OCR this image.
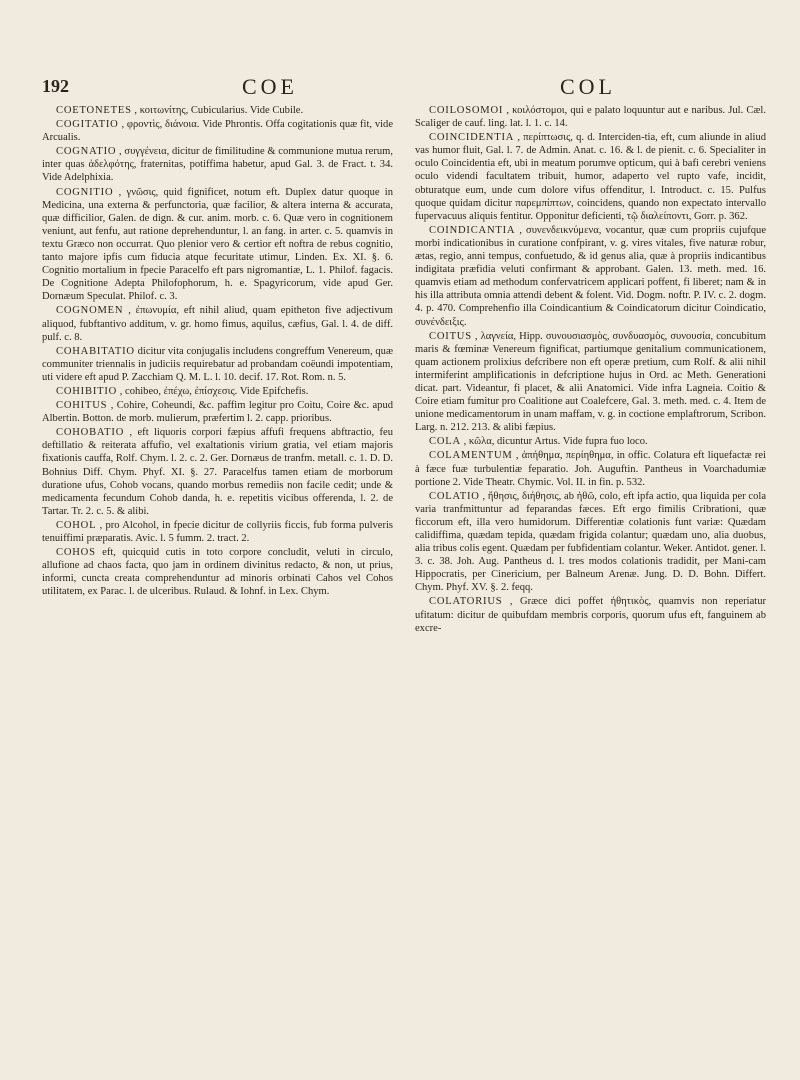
192	COE	COL

COETONETES , κοιτωνίτης, Cubicularius. Vide Cubile.

COGITATIO , φροντὶς, διάνοια. Vide Phrontis. Offa cogitationis quæ fit, vide Arcualis.

COGNATIO , συγγένεια, dicitur de fimilitudine & communione mutua rerum, inter quas ἀδελφότης, fraternitas, potiffima habetur, apud Gal. 3. de Fract. t. 34. Vide Adelphixia.

COGNITIO , γνῶσις, quid fignificet, notum eft. Duplex datur quoque in Medicina, una externa & perfunctoria, quæ facilior, & altera interna & accurata, quæ difficilior, Galen. de dign. & cur. anim. morb. c. 6. Quæ vero in cognitionem veniunt, aut fenfu, aut ratione deprehenduntur, l. an fang. in arter. c. 5. quamvis in textu Græco non occurrat. Quo plenior vero & certior eft noftra de rebus cognitio, tanto majore ipfis cum fiducia atque fecuritate utimur, Linden. Ex. XI. §. 6. Cognitio mortalium in fpecie Paracelfo eft pars nigromantiæ, L. 1. Philof. fagacis. De Cognitione Adepta Philofophorum, h. e. Spagyricorum, vide apud Ger. Dornæum Speculat. Philof. c. 3.

COGNOMEN , ἐπωνυμία, eft nihil aliud, quam epitheton five adjectivum aliquod, fubftantivo additum, v. gr. homo fimus, aquilus, cæfius, Gal. l. 4. de diff. pulf. c. 8.

COHABITATIO dicitur vita conjugalis includens congreffum Venereum, quæ communiter triennalis in judiciis requirebatur ad probandam coëundi impotentiam, uti videre eft apud P. Zacchiam Q. M. L. l. 10. decif. 17. Rot. Rom. n. 5.

COHIBITIO , cohibeo, ἐπέχω, ἐπίσχεσις. Vide Epifchefis.

COHITUS , Cohire, Coheundi, &c. paffim legitur pro Coitu, Coire &c. apud Albertin. Botton. de morb. mulierum, præfertim l. 2. capp. prioribus.

COHOBATIO , eft liquoris corpori fæpius affufi frequens abftractio, feu deftillatio & reiterata affufio, vel exaltationis virium gratia, vel etiam majoris fixationis cauffa, Rolf. Chym. l. 2. c. 2. Ger. Dornæus de tranfm. metall. c. 1. D. D. Bohnius Diff. Chym. Phyf. XI. §. 27. Paracelfus tamen etiam de morborum duratione ufus, Cohob vocans, quando morbus remediis non facile cedit; unde & medicamenta fecundum Cohob danda, h. e. repetitis vicibus offerenda, l. 2. de Tartar. Tr. 2. c. 5. & alibi.

COHOL , pro Alcohol, in fpecie dicitur de collyriis ficcis, fub forma pulveris tenuiffimi præparatis. Avic. l. 5 fumm. 2. tract. 2.

COHOS eft, quicquid cutis in toto corpore concludit, veluti in circulo, allufione ad chaos facta, quo jam in ordinem divinitus redacto, & non, ut prius, informi, cuncta creata comprehenduntur ad minoris orbinati Cahos vel Cohos utilitatem, ex Parac. l. de ulceribus. Rulaud. & Iohnf. in Lex. Chym.

COILOSOMOI , κοιλόστομοι, qui e palato loquuntur aut e naribus. Jul. Cæl. Scaliger de cauf. ling. lat. l. 1. c. 14.

COINCIDENTIA , περίπτωσις, q. d. Interciden-tia, eft, cum aliunde in aliud vas humor fluit, Gal. l. 7. de Admin. Anat. c. 16. & l. de pienit. c. 6. Specialiter in oculo Coincidentia eft, ubi in meatum porumve opticum, qui à bafi cerebri veniens oculo videndi facultatem tribuit, humor, adaperto vel rupto vafe, incidit, obturatque eum, unde cum dolore vifus offenditur, l. Introduct. c. 15. Pulfus quoque quidam dicitur παρεμπίπτων, coincidens, quando non expectato intervallo fupervacuus aliquis fentitur. Opponitur deficienti, τῷ διαλείποντι, Gorr. p. 362.

COINDICANTIA , συνενδεικνύμενα, vocantur, quæ cum propriis cujufque morbi indicationibus in curatione confpirant, v. g. vires vitales, five naturæ robur, ætas, regio, anni tempus, confuetudo, & id genus alia, quæ à propriis indicantibus indigitata præfidia veluti confirmant & approbant. Galen. 13. meth. med. 16. quamvis etiam ad methodum confervatricem applicari poffent, fi liberet; nam & in his illa attributa omnia attendi debent & folent. Vid. Dogm. noftr. P. IV. c. 2. dogm. 4. p. 470. Comprehenfio illa Coindicantium & Coindicatorum dicitur Coindicatio, συνένδειξις.

COITUS , λαγνεία, Hipp. συνουσιασμὸς, συνδυασμὸς, συνουσία, concubitum maris & fœminæ Venereum fignificat, partiumque genitalium communicationem, quam actionem prolixius defcribere non eft operæ pretium, cum Rolf. & alii nihil intermiferint amplificationis in defcriptione hujus in Ord. ac Meth. Generationi dicat. part. Videantur, fi placet, & alii Anatomici. Vide infra Lagneia. Coitio & Coire etiam fumitur pro Coalitione aut Coalefcere, Gal. 3. meth. med. c. 4. Item de unione medicamentorum in unam maffam, v. g. in coctione emplaftrorum, Scribon. Larg. n. 212. 213. & alibi fæpius.

COLA , κῶλα, dicuntur Artus. Vide fupra fuo loco.

COLAMENTUM , ἀπήθημα, περίηθημα, in offic. Colatura eft liquefactæ rei à fæce fuæ turbulentiæ feparatio. Joh. Auguftin. Pantheus in Voarchadumiæ portione 2. Vide Theatr. Chymic. Vol. II. in fin. p. 532.

COLATIO , ἤθησις, διήθησις, ab ἠθῶ, colo, eft ipfa actio, qua liquida per cola varia tranfmittuntur ad feparandas fæces. Eft ergo fimilis Cribrationi, quæ ficcorum eft, illa vero humidorum. Differentiæ colationis funt variæ: Quædam calidiffima, quædam tepida, quædam frigida colantur; quædam uno, alia duobus, alia tribus colis egent. Quædam per fubfidentiam colantur. Weker. Antidot. gener. l. 3. c. 38. Joh. Aug. Pantheus d. l. tres modos colationis tradidit, per Mani-cam Hippocratis, per Cinericium, per Balneum Arenæ. Jung. D. D. Bohn. Differt. Chym. Phyf. XV. §. 2. feqq.

COLATORIUS , Græce dici poffet ἠθητικὸς, quamvis non reperiatur ufitatum: dicitur de quibufdam membris corporis, quorum ufus eft, fanguinem ab excre-
